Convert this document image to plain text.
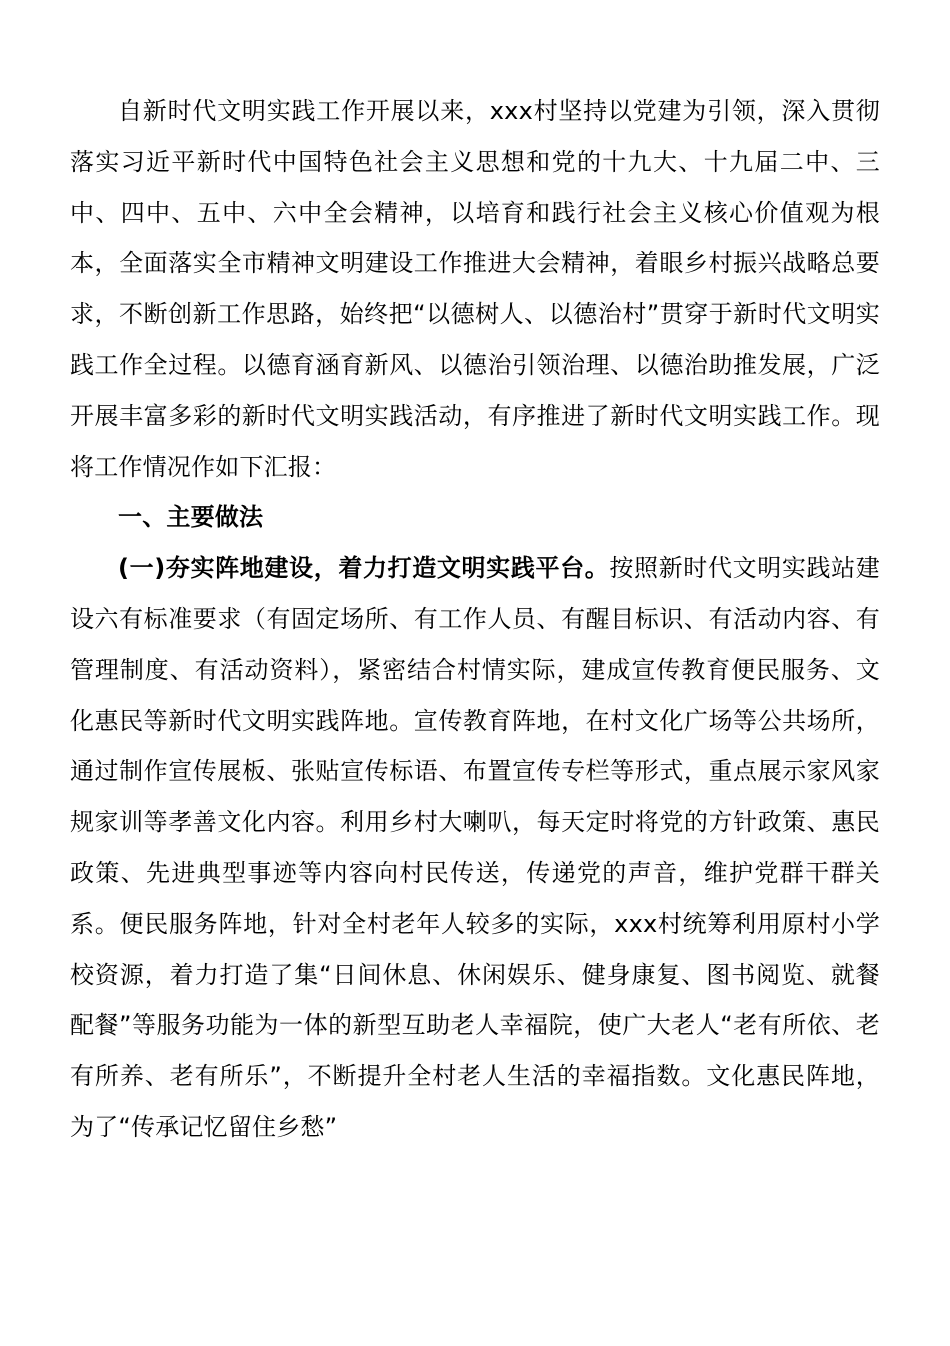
自新时代文明实践工作开展以来，xxx村坚持以党建为引领，深入贯彻落实习近平新时代中国特色社会主义思想和党的十九大、十九届二中、三中、四中、五中、六中全会精神，以培育和践行社会主义核心价值观为根本，全面落实全市精神文明建设工作推进大会精神，着眼乡村振兴战略总要求，不断创新工作思路，始终把“以德树人、以德治村”贯穿于新时代文明实践工作全过程。以德育涵育新风、以德治引领治理、以德治助推发展，广泛开展丰富多彩的新时代文明实践活动，有序推进了新时代文明实践工作。现将工作情况作如下汇报：

一、主要做法

(一)夯实阵地建设，着力打造文明实践平台。按照新时代文明实践站建设六有标准要求（有固定场所、有工作人员、有醒目标识、有活动内容、有管理制度、有活动资料），紧密结合村情实际，建成宣传教育便民服务、文化惠民等新时代文明实践阵地。宣传教育阵地，在村文化广场等公共场所，通过制作宣传展板、张贴宣传标语、布置宣传专栏等形式，重点展示家风家规家训等孝善文化内容。利用乡村大喇叭，每天定时将党的方针政策、惠民政策、先进典型事迹等内容向村民传送，传递党的声音，维护党群干群关系。便民服务阵地，针对全村老年人较多的实际，xxx村统筹利用原村小学校资源，着力打造了集“日间休息、休闲娱乐、健身康复、图书阅览、就餐配餐”等服务功能为一体的新型互助老人幸福院，使广大老人“老有所依、老有所养、老有所乐”，不断提升全村老人生活的幸福指数。文化惠民阵地，为了“传承记忆留住乡愁”
